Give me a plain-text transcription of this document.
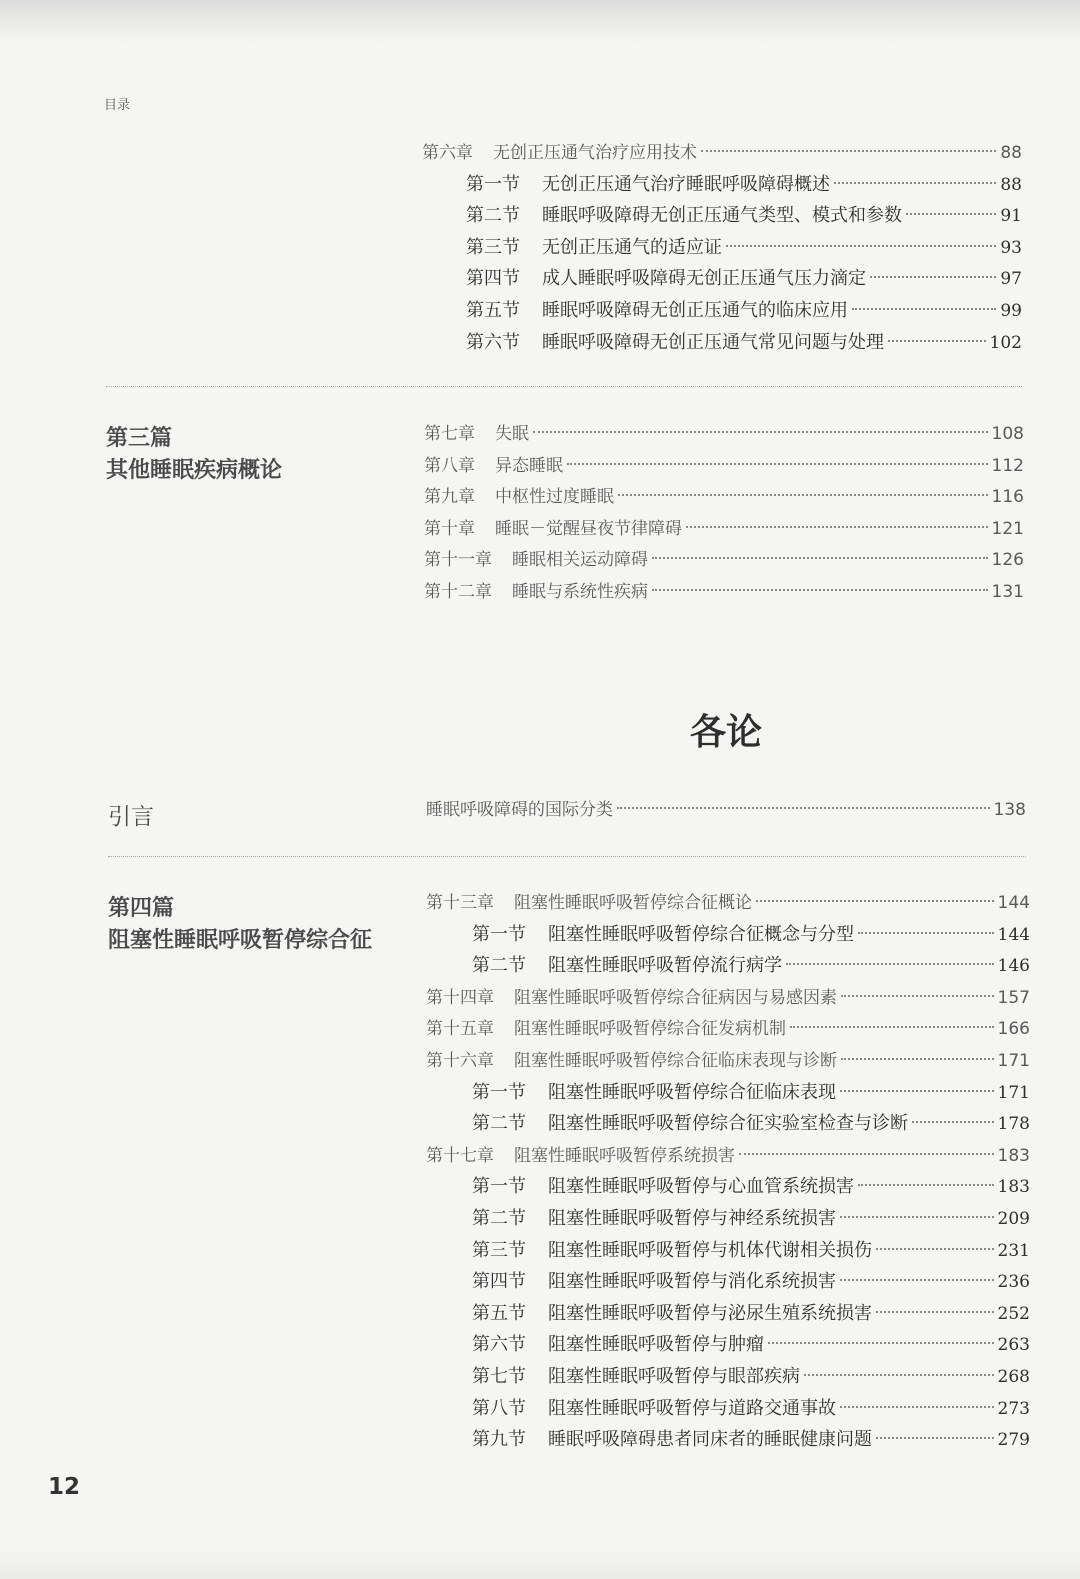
目录
第六章 无创正压通气治疗应用技术	88
第一节 无创正压通气治疗睡眠呼吸障碍概述	88
第二节 睡眠呼吸障碍无创正压通气类型、模式和参数	91
第三节 无创正压通气的适应证	93
第四节 成人睡眠呼吸障碍无创正压通气压力滴定	97
第五节 睡眠呼吸障碍无创正压通气的临床应用	99
第六节 睡眠呼吸障碍无创正压通气常见问题与处理	102
第三篇
其他睡眠疾病概论
第七章 失眠	108
第八章 异态睡眠	112
第九章 中枢性过度睡眠	116
第十章 睡眠－觉醒昼夜节律障碍	121
第十一章 睡眠相关运动障碍	126
第十二章 睡眠与系统性疾病	131
各论
引言	睡眠呼吸障碍的国际分类	138
第四篇
阻塞性睡眠呼吸暂停综合征
第十三章 阻塞性睡眠呼吸暂停综合征概论	144
第一节 阻塞性睡眠呼吸暂停综合征概念与分型	144
第二节 阻塞性睡眠呼吸暂停流行病学	146
第十四章 阻塞性睡眠呼吸暂停综合征病因与易感因素	157
第十五章 阻塞性睡眠呼吸暂停综合征发病机制	166
第十六章 阻塞性睡眠呼吸暂停综合征临床表现与诊断	171
第一节 阻塞性睡眠呼吸暂停综合征临床表现	171
第二节 阻塞性睡眠呼吸暂停综合征实验室检查与诊断	178
第十七章 阻塞性睡眠呼吸暂停系统损害	183
第一节 阻塞性睡眠呼吸暂停与心血管系统损害	183
第二节 阻塞性睡眠呼吸暂停与神经系统损害	209
第三节 阻塞性睡眠呼吸暂停与机体代谢相关损伤	231
第四节 阻塞性睡眠呼吸暂停与消化系统损害	236
第五节 阻塞性睡眠呼吸暂停与泌尿生殖系统损害	252
第六节 阻塞性睡眠呼吸暂停与肿瘤	263
第七节 阻塞性睡眠呼吸暂停与眼部疾病	268
第八节 阻塞性睡眠呼吸暂停与道路交通事故	273
第九节 睡眠呼吸障碍患者同床者的睡眠健康问题	279
12
